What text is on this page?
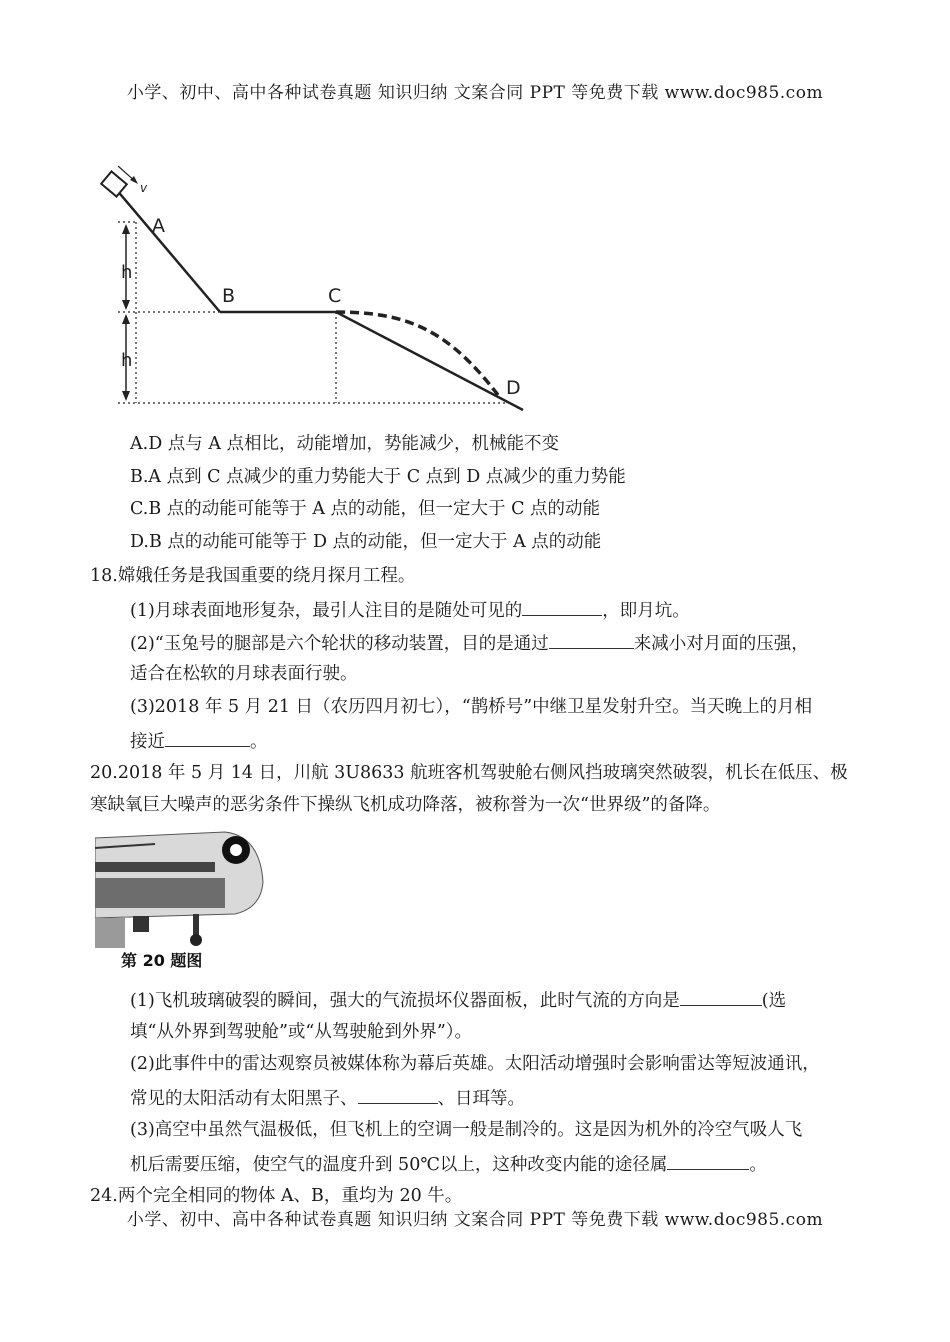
小学、初中、高中各种试卷真题 知识归纳 文案合同 PPT 等免费下载 www.doc985.com
A
B	C
D
h
h
v
A.D 点与 A 点相比，动能增加，势能减少，机械能不变
B.A 点到 C 点减少的重力势能大于 C 点到 D 点减少的重力势能
C.B 点的动能可能等于 A 点的动能，但一定大于 C 点的动能
D.B 点的动能可能等于 D 点的动能，但一定大于 A 点的动能
18.嫦娥任务是我国重要的绕月探月工程。
(1)月球表面地形复杂，最引人注目的是随处可见的	，即月坑。
(2)“玉兔号的腿部是六个轮状的移动装置，目的是通过	来减小对月面的压强，
适合在松软的月球表面行驶。
(3)2018 年 5 月 21 日（农历四月初七），“鹊桥号”中继卫星发射升空。当天晚上的月相
接近	。
20.2018 年 5 月 14 日，川航 3U8633 航班客机驾驶舱右侧风挡玻璃突然破裂，机长在低压、极
寒缺氧巨大噪声的恶劣条件下操纵飞机成功降落，被称誉为一次“世界级”的备降。
第 20 题图
(1)飞机玻璃破裂的瞬间，强大的气流损坏仪器面板，此时气流的方向是	(选
填“从外界到驾驶舱”或“从驾驶舱到外界”）。
(2)此事件中的雷达观察员被媒体称为幕后英雄。太阳活动增强时会影响雷达等短波通讯，
常见的太阳活动有太阳黑子、	、日珥等。
(3)高空中虽然气温极低，但飞机上的空调一般是制冷的。这是因为机外的冷空气吸人飞
机后需要压缩，使空气的温度升到 50℃以上，这种改变内能的途径属	。
24.两个完全相同的物体 A、B，重均为 20 牛。
小学、初中、高中各种试卷真题 知识归纳 文案合同 PPT 等免费下载 www.doc985.com
